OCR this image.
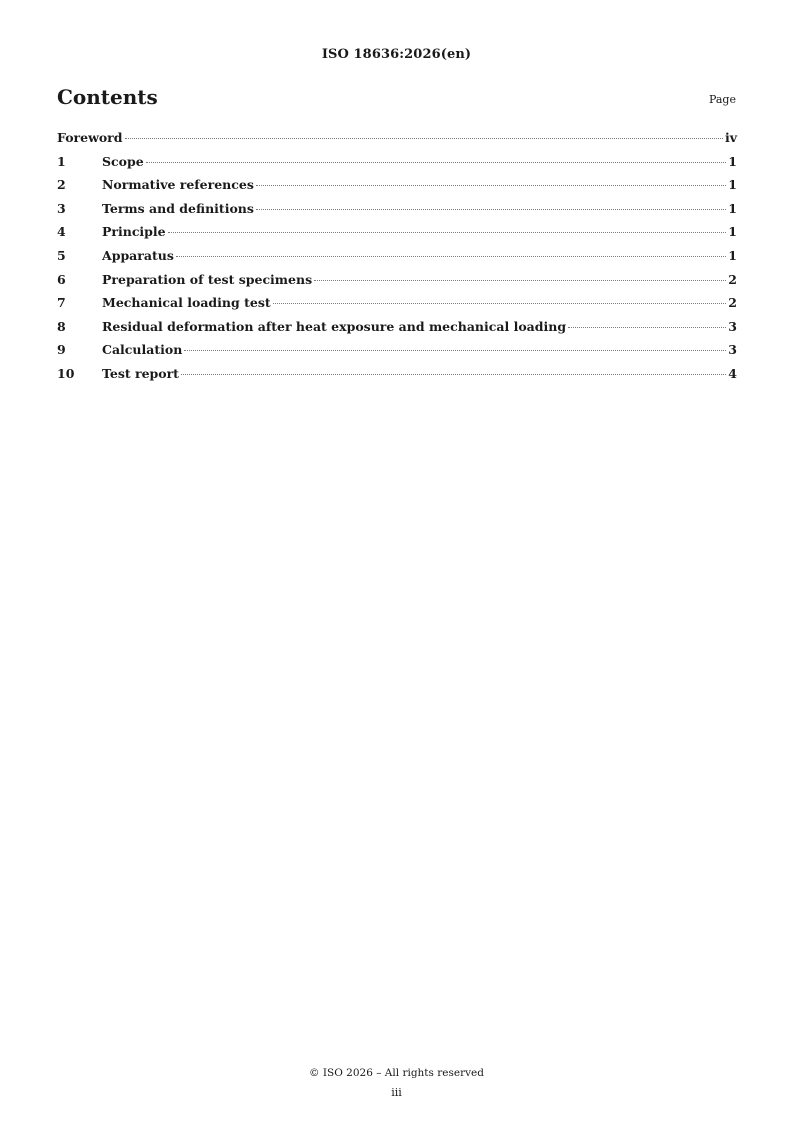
ISO 18636:2026(en)
Contents	Page
Foreword	iv
1	Scope	1
2	Normative references	1
3	Terms and definitions	1
4	Principle	1
5	Apparatus	1
6	Preparation of test specimens	2
7	Mechanical loading test	2
8	Residual deformation after heat exposure and mechanical loading	3
9	Calculation	3
10	Test report	4
© ISO 2026 – All rights reserved
iii
